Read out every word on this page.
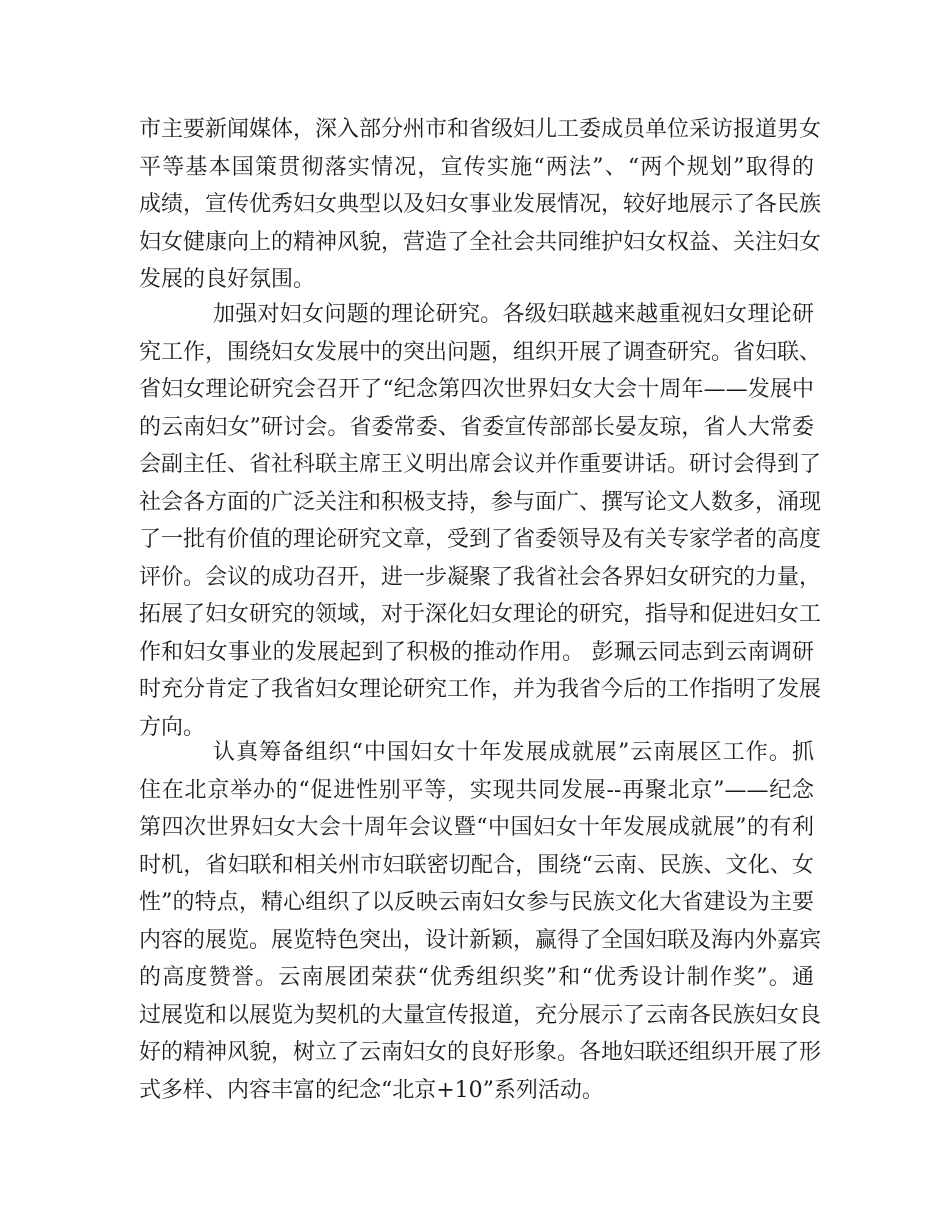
市主要新闻媒体，深入部分州市和省级妇儿工委成员单位采访报道男女
平等基本国策贯彻落实情况，宣传实施“两法”、“两个规划”取得的
成绩，宣传优秀妇女典型以及妇女事业发展情况，较好地展示了各民族
妇女健康向上的精神风貌，营造了全社会共同维护妇女权益、关注妇女
发展的良好氛围。
加强对妇女问题的理论研究。各级妇联越来越重视妇女理论研
究工作，围绕妇女发展中的突出问题，组织开展了调查研究。省妇联、
省妇女理论研究会召开了“纪念第四次世界妇女大会十周年——发展中
的云南妇女”研讨会。省委常委、省委宣传部部长晏友琼，省人大常委
会副主任、省社科联主席王义明出席会议并作重要讲话。研讨会得到了
社会各方面的广泛关注和积极支持，参与面广、撰写论文人数多，涌现
了一批有价值的理论研究文章，受到了省委领导及有关专家学者的高度
评价。会议的成功召开，进一步凝聚了我省社会各界妇女研究的力量，
拓展了妇女研究的领域，对于深化妇女理论的研究，指导和促进妇女工
作和妇女事业的发展起到了积极的推动作用。 彭珮云同志到云南调研
时充分肯定了我省妇女理论研究工作，并为我省今后的工作指明了发展
方向。
认真筹备组织“中国妇女十年发展成就展”云南展区工作。抓
住在北京举办的“促进性别平等，实现共同发展--再聚北京”——纪念
第四次世界妇女大会十周年会议暨“中国妇女十年发展成就展”的有利
时机，省妇联和相关州市妇联密切配合，围绕“云南、民族、文化、女
性”的特点，精心组织了以反映云南妇女参与民族文化大省建设为主要
内容的展览。展览特色突出，设计新颖，赢得了全国妇联及海内外嘉宾
的高度赞誉。云南展团荣获“优秀组织奖”和“优秀设计制作奖”。通
过展览和以展览为契机的大量宣传报道，充分展示了云南各民族妇女良
好的精神风貌，树立了云南妇女的良好形象。各地妇联还组织开展了形
式多样、内容丰富的纪念“北京+10”系列活动。
